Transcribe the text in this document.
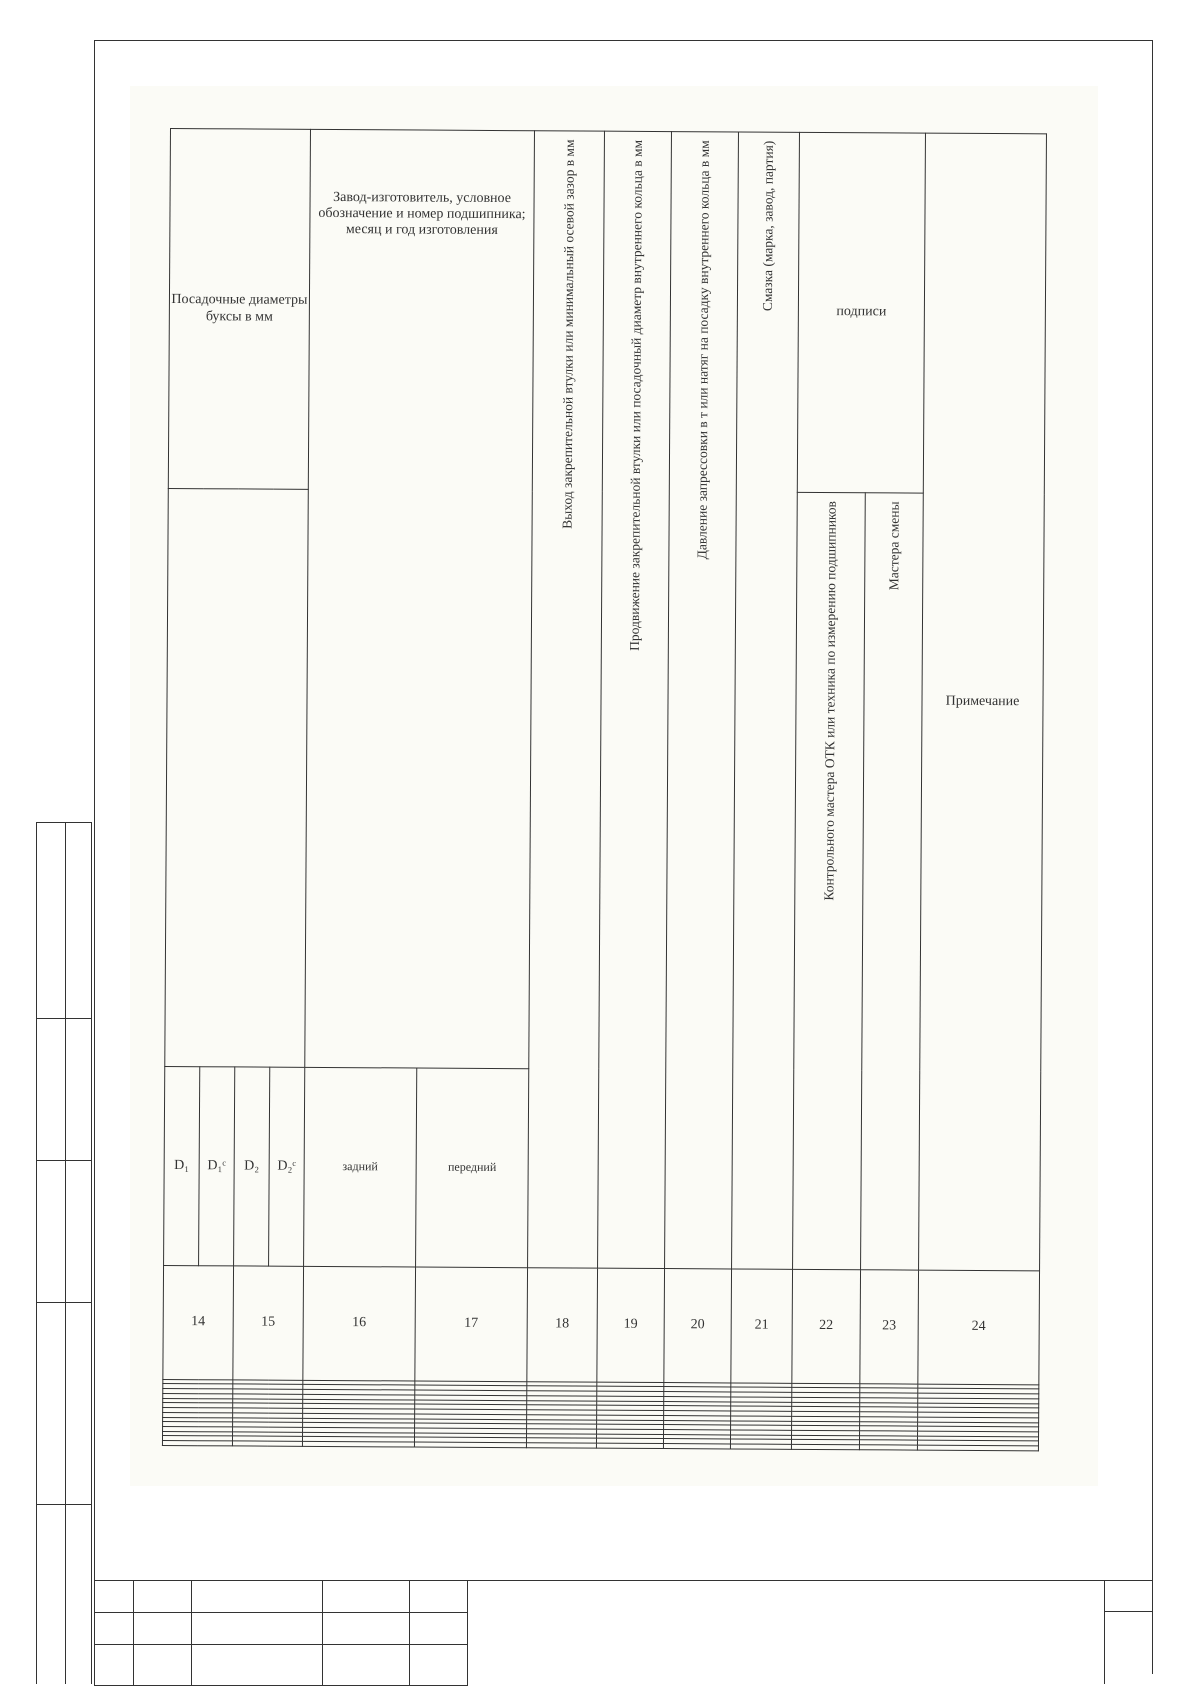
Посадочные диаметры буксы в мм				Завод-изготовитель, условное обозначение и номер подшипника; месяц и год изготовления		Выход закрепительной втулки или минимальный осевой зазор в мм	Продвижение закрепительной втулки или посадочный диаметр внутреннего кольца в мм	Давление запрессовки в т или натяг на посадку внутреннего кольца в мм	Смазка (марка, завод, партия)	подписи		Примечание

										Контрольного мастера ОТК или техника по измерению подшипников	Мастера смены	

D₁	D₁ᶜ	D₂	D₂ᶜ	задний	передний							
14		15		16	17	18	19	20	21	22	23	24
